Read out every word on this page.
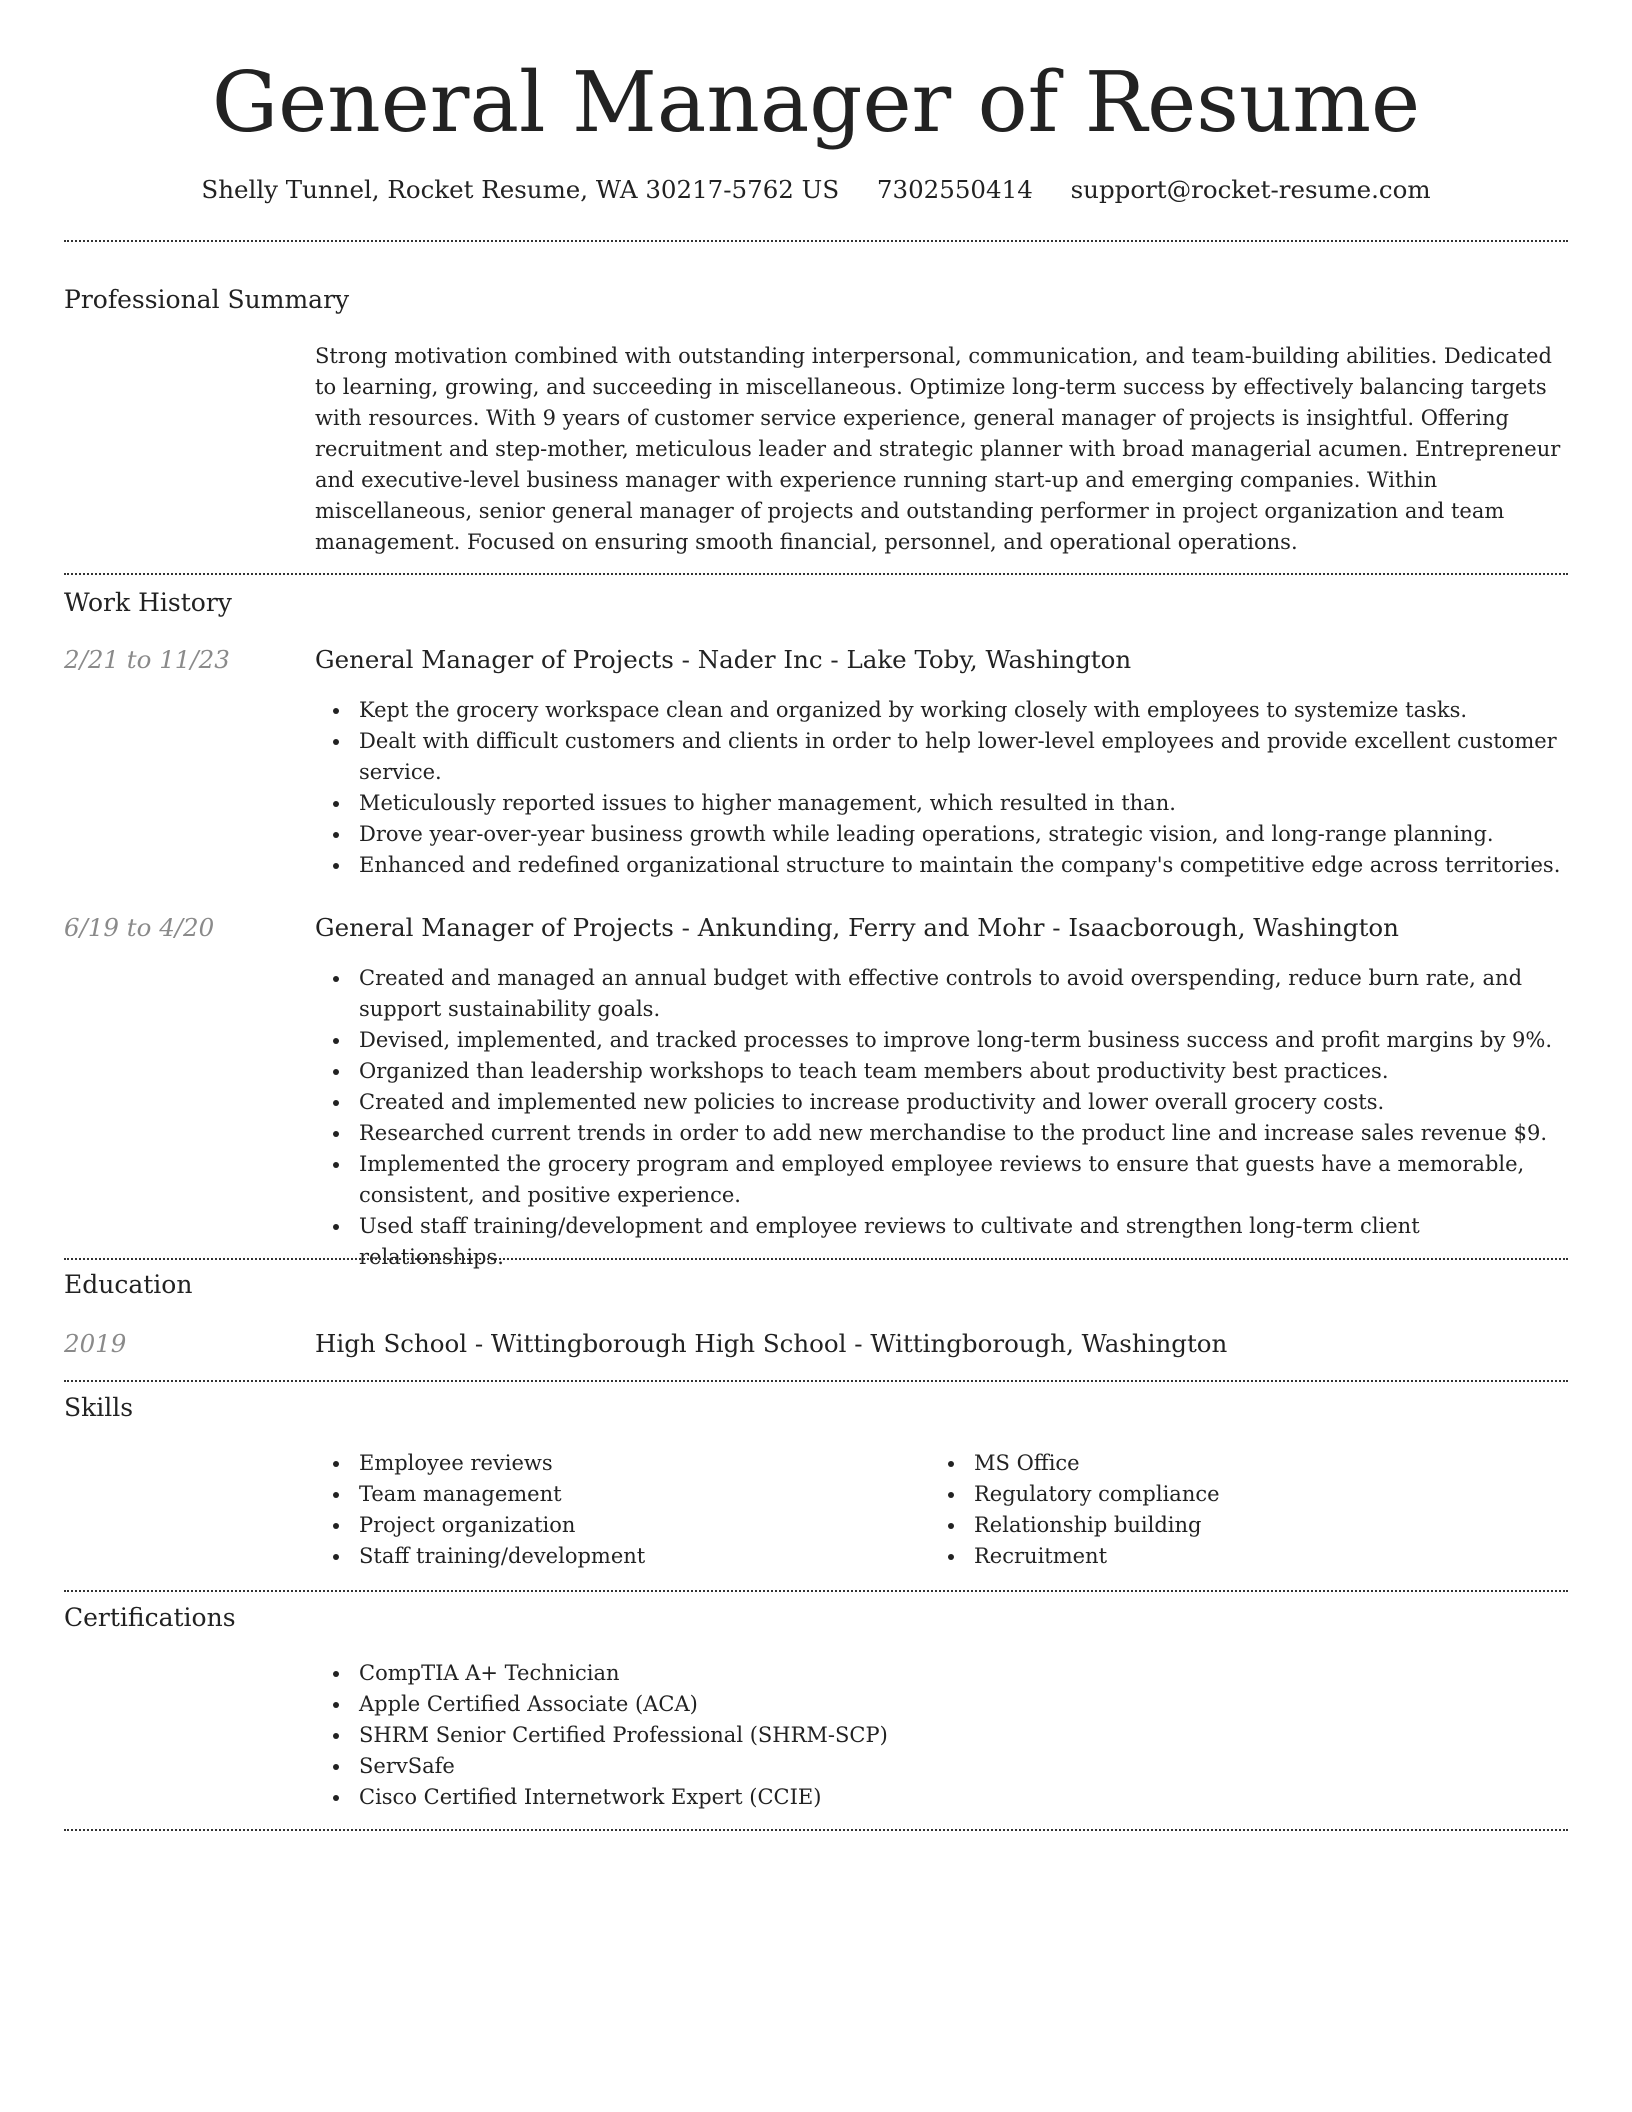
General Manager of Resume
Shelly Tunnel, Rocket Resume, WA 30217-5762 US 7302550414 support@rocket-resume.com
Professional Summary
Strong motivation combined with outstanding interpersonal, communication, and team-building abilities. Dedicated to learning, growing, and succeeding in miscellaneous. Optimize long-term success by effectively balancing targets with resources. With 9 years of customer service experience, general manager of projects is insightful. Offering recruitment and step-mother, meticulous leader and strategic planner with broad managerial acumen. Entrepreneur and executive-level business manager with experience running start-up and emerging companies. Within miscellaneous, senior general manager of projects and outstanding performer in project organization and team management. Focused on ensuring smooth financial, personnel, and operational operations.
Work History
2/21 to 11/23	General Manager of Projects - Nader Inc - Lake Toby, Washington
Kept the grocery workspace clean and organized by working closely with employees to systemize tasks.
Dealt with difficult customers and clients in order to help lower-level employees and provide excellent customer service.
Meticulously reported issues to higher management, which resulted in than.
Drove year-over-year business growth while leading operations, strategic vision, and long-range planning.
Enhanced and redefined organizational structure to maintain the company's competitive edge across territories.
6/19 to 4/20	General Manager of Projects - Ankunding, Ferry and Mohr - Isaacborough, Washington
Created and managed an annual budget with effective controls to avoid overspending, reduce burn rate, and support sustainability goals.
Devised, implemented, and tracked processes to improve long-term business success and profit margins by 9%.
Organized than leadership workshops to teach team members about productivity best practices.
Created and implemented new policies to increase productivity and lower overall grocery costs.
Researched current trends in order to add new merchandise to the product line and increase sales revenue $9.
Implemented the grocery program and employed employee reviews to ensure that guests have a memorable, consistent, and positive experience.
Used staff training/development and employee reviews to cultivate and strengthen long-term client relationships.
Education
2019	High School - Wittingborough High School - Wittingborough, Washington
Skills
Employee reviews
Team management
Project organization
Staff training/development
MS Office
Regulatory compliance
Relationship building
Recruitment
Certifications
CompTIA A+ Technician
Apple Certified Associate (ACA)
SHRM Senior Certified Professional (SHRM-SCP)
ServSafe
Cisco Certified Internetwork Expert (CCIE)
